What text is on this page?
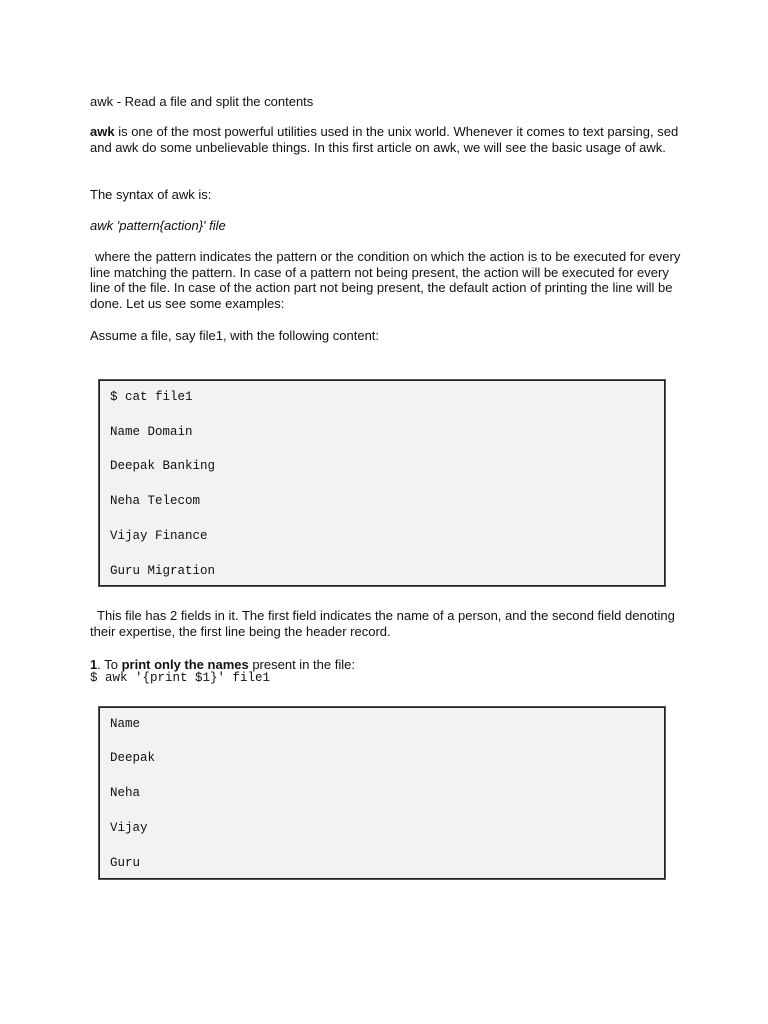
awk - Read a file and split the contents

awk is one of the most powerful utilities used in the unix world. Whenever it comes to text parsing, sed and awk do some unbelievable things. In this first article on awk, we will see the basic usage of awk.

The syntax of awk is:

awk 'pattern{action}' file

where the pattern indicates the pattern or the condition on which the action is to be executed for every line matching the pattern. In case of a pattern not being present, the action will be executed for every line of the file. In case of the action part not being present, the default action of printing the line will be done. Let us see some examples:

Assume a file, say file1, with the following content:

$ cat file1
Name Domain
Deepak Banking
Neha Telecom
Vijay Finance
Guru Migration

This file has 2 fields in it. The first field indicates the name of a person, and the second field denoting their expertise, the first line being the header record.

1. To print only the names present in the file:

$ awk '{print $1}' file1
Name
Deepak
Neha
Vijay
Guru
